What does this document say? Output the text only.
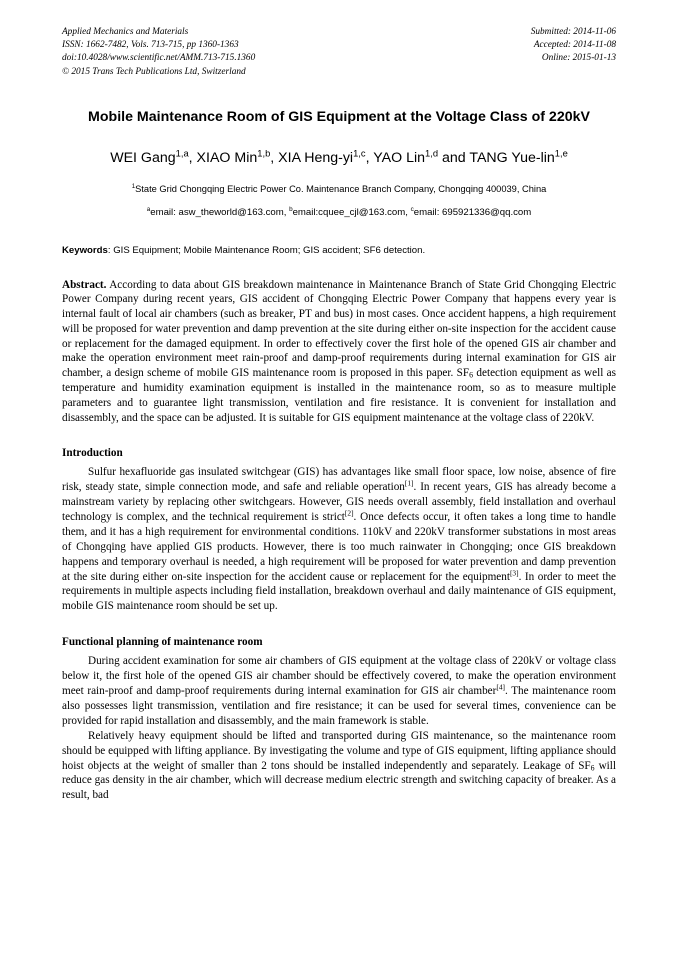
Applied Mechanics and Materials
ISSN: 1662-7482, Vols. 713-715, pp 1360-1363
doi:10.4028/www.scientific.net/AMM.713-715.1360
© 2015 Trans Tech Publications Ltd, Switzerland
Submitted: 2014-11-06
Accepted: 2014-11-08
Online: 2015-01-13
Mobile Maintenance Room of GIS Equipment at the Voltage Class of 220kV
WEI Gang$^{1,a}$, XIAO Min$^{1,b}$, XIA Heng-yi$^{1,c}$, YAO Lin$^{1,d}$ and TANG Yue-lin$^{1,e}$
$^1$State Grid Chongqing Electric Power Co. Maintenance Branch Company, Chongqing 400039, China
$^a$email: asw_theworld@163.com, $^b$email:cquee_cjl@163.com, $^c$email: 695921336@qq.com
Keywords: GIS Equipment; Mobile Maintenance Room; GIS accident; SF6 detection.
Abstract. According to data about GIS breakdown maintenance in Maintenance Branch of State Grid Chongqing Electric Power Company during recent years, GIS accident of Chongqing Electric Power Company that happens every year is internal fault of local air chambers (such as breaker, PT and bus) in most cases. Once accident happens, a high requirement will be proposed for water prevention and damp prevention at the site during either on-site inspection for the accident cause or replacement for the damaged equipment. In order to effectively cover the first hole of the opened GIS air chamber and make the operation environment meet rain-proof and damp-proof requirements during internal examination for GIS air chamber, a design scheme of mobile GIS maintenance room is proposed in this paper. $SF_6$ detection equipment as well as temperature and humidity examination equipment is installed in the maintenance room, so as to measure multiple parameters and to guarantee light transmission, ventilation and fire resistance. It is convenient for installation and disassembly, and the space can be adjusted. It is suitable for GIS equipment maintenance at the voltage class of 220kV.
Introduction

Sulfur hexafluoride gas insulated switchgear (GIS) has advantages like small floor space, low noise, absence of fire risk, steady state, simple connection mode, and safe and reliable operation[1]. In recent years, GIS has already become a mainstream variety by replacing other switchgears. However, GIS needs overall assembly, field installation and overhaul technology is complex, and the technical requirement is strict[2]. Once defects occur, it often takes a long time to handle them, and it has a high requirement for environmental conditions. 110kV and 220kV transformer substations in most areas of Chongqing have applied GIS products. However, there is too much rainwater in Chongqing; once GIS breakdown happens and temporary overhaul is needed, a high requirement will be proposed for water prevention and damp prevention at the site during either on-site inspection for the accident cause or replacement for the equipment[3]. In order to meet the requirements in multiple aspects including field installation, breakdown overhaul and daily maintenance of GIS equipment, mobile GIS maintenance room should be set up.

Functional planning of maintenance room

During accident examination for some air chambers of GIS equipment at the voltage class of 220kV or voltage class below it, the first hole of the opened GIS air chamber should be effectively covered, to make the operation environment meet rain-proof and damp-proof requirements during internal examination for GIS air chamber[4]. The maintenance room also possesses light transmission, ventilation and fire resistance; it can be used for several times, convenience can be provided for rapid installation and disassembly, and the main framework is stable.

Relatively heavy equipment should be lifted and transported during GIS maintenance, so the maintenance room should be equipped with lifting appliance. By investigating the volume and type of GIS equipment, lifting appliance should hoist objects at the weight of smaller than 2 tons should be installed independently and separately. Leakage of $SF_6$ will reduce gas density in the air chamber, which will decrease medium electric strength and switching capacity of breaker. As a result, bad
